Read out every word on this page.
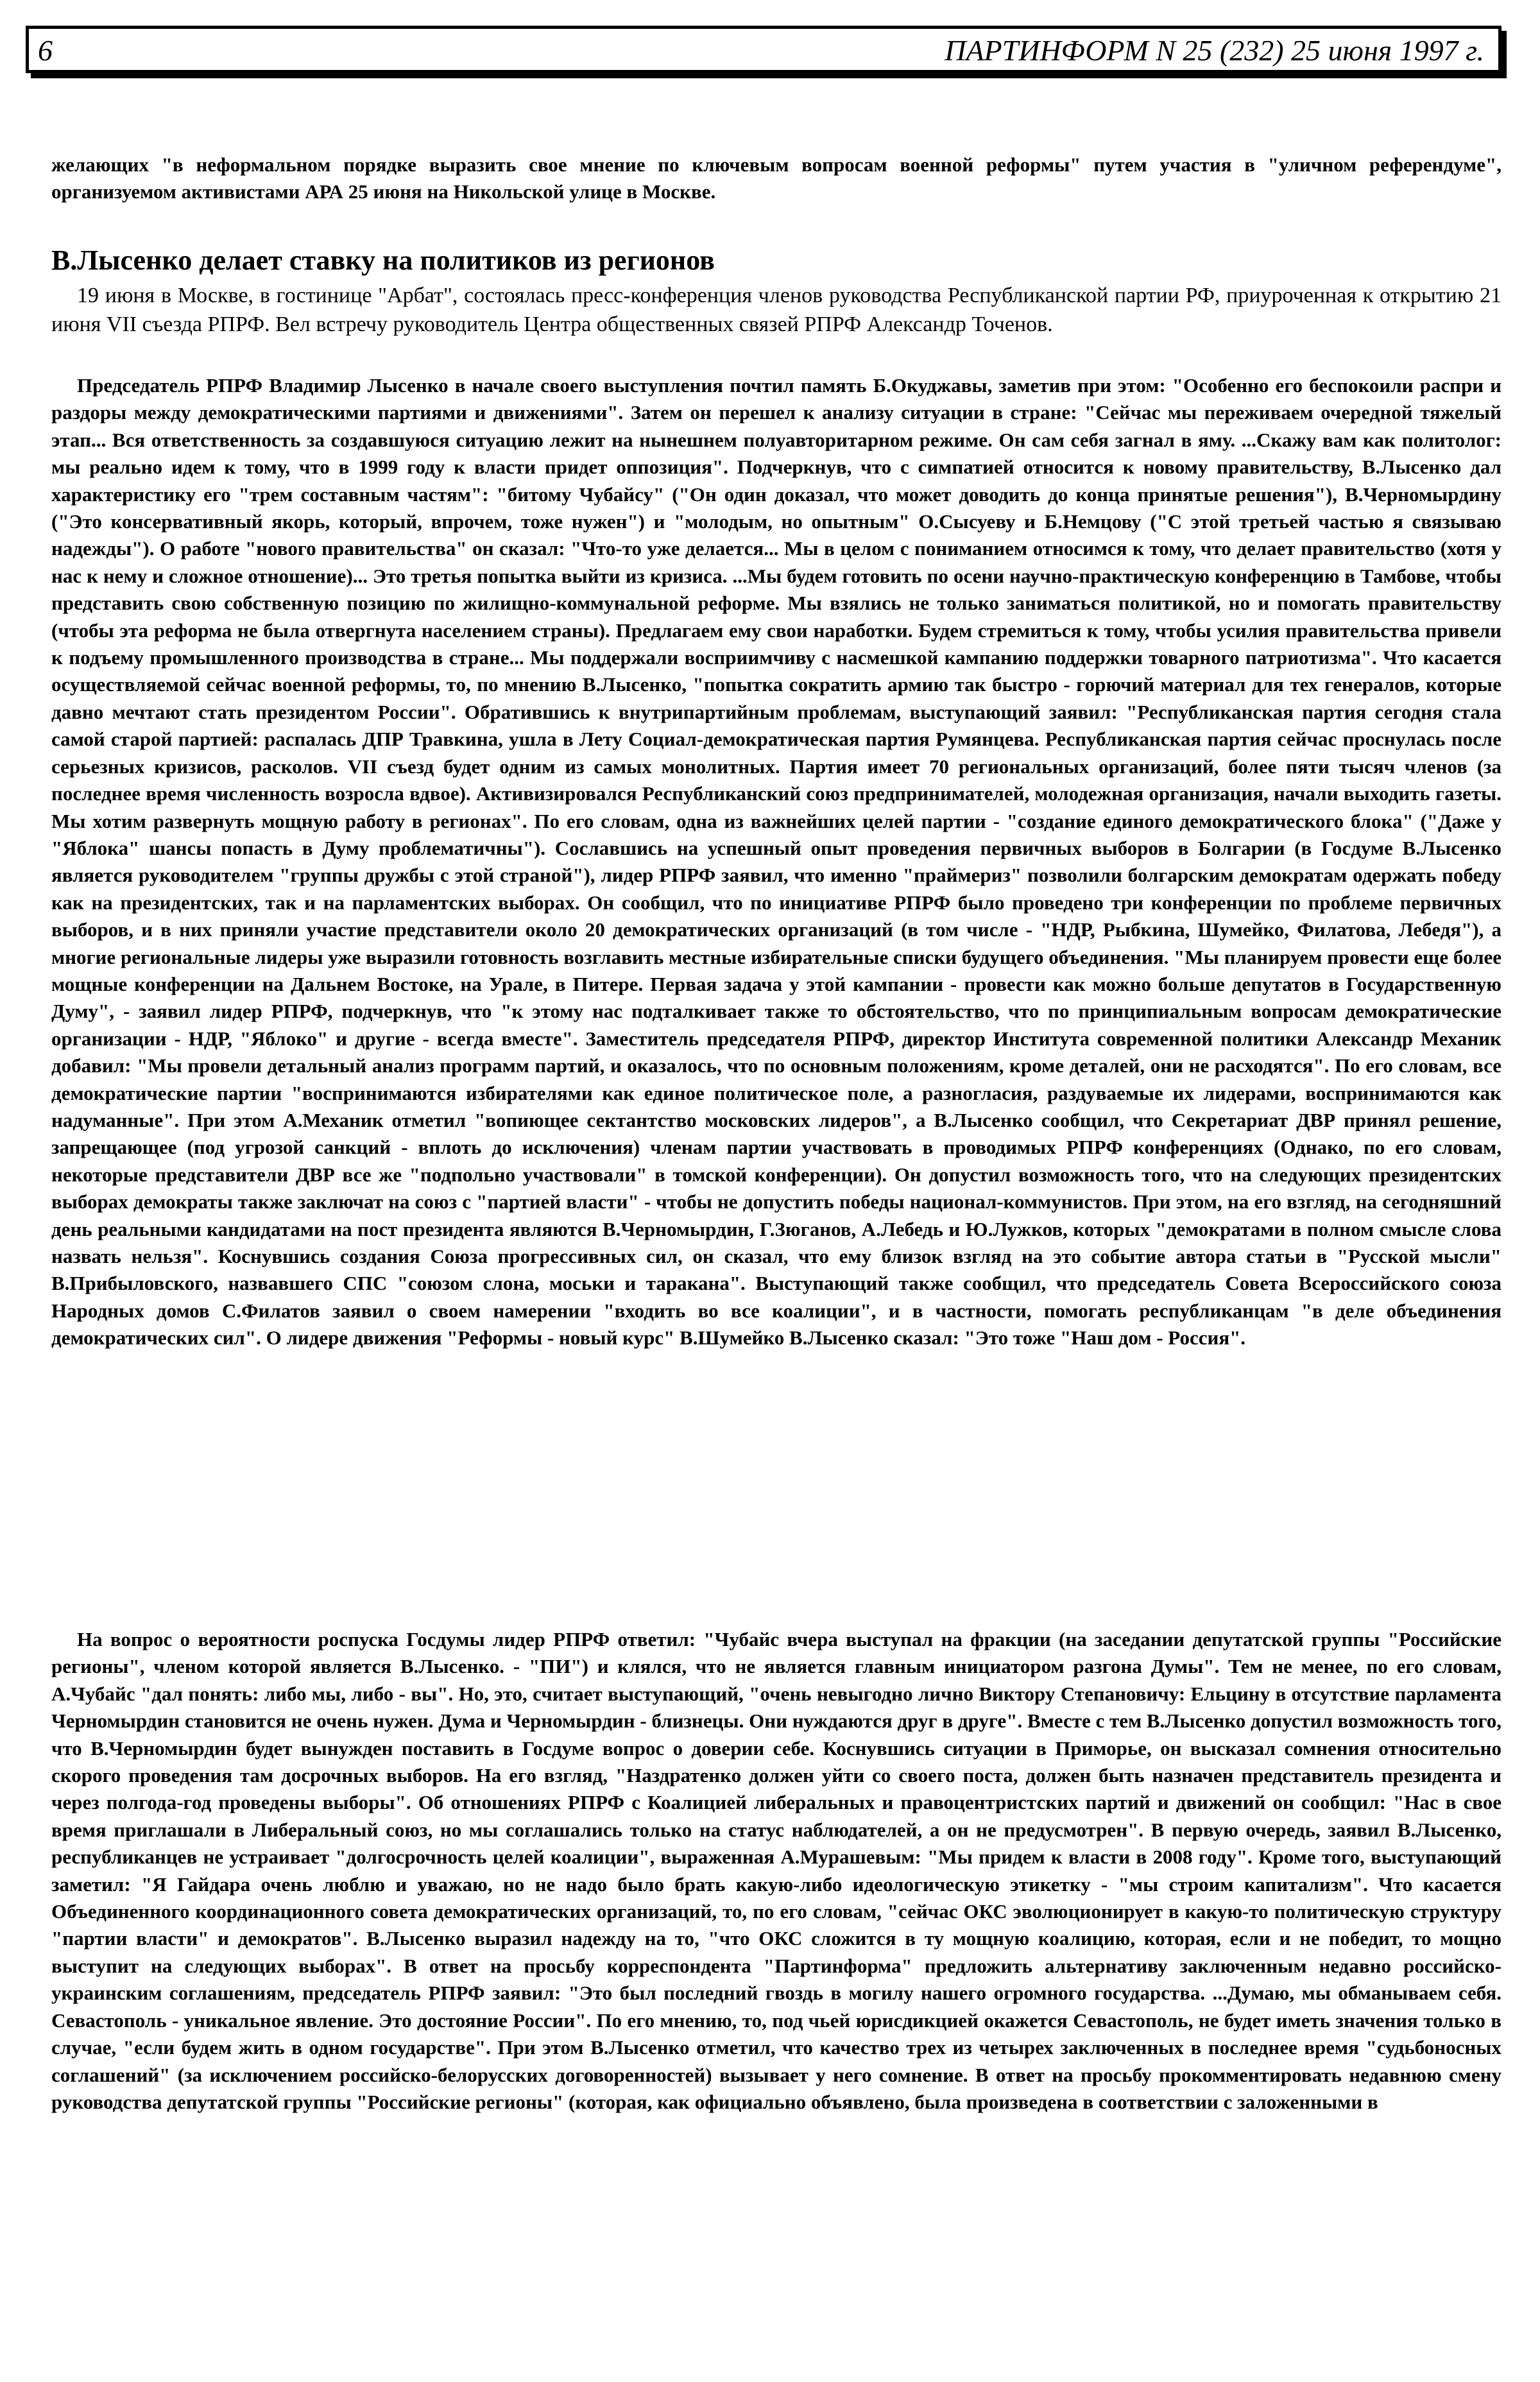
6	ПАРТИНФОРМ N 25 (232) 25 июня 1997 г.

желающих "в неформальном порядке выразить свое мнение по ключевым вопросам военной реформы" путем участия в "уличном референдуме", организуемом активистами АРА 25 июня на Никольской улице в Москве.

В.Лысенко делает ставку на политиков из регионов

19 июня в Москве, в гостинице "Арбат", состоялась пресс-конференция членов руководства Республиканской партии РФ, приуроченная к открытию 21 июня VII съезда РПРФ. Вел встречу руководитель Центра общественных связей РПРФ Александр Точенов.

Председатель РПРФ Владимир Лысенко в начале своего выступления почтил память Б.Окуджавы, заметив при этом: "Особенно его беспокоили распри и раздоры между демократическими партиями и движениями". Затем он перешел к анализу ситуации в стране: "Сейчас мы переживаем очередной тяжелый этап... Вся ответственность за создавшуюся ситуацию лежит на нынешнем полуавторитарном режиме. Он сам себя загнал в яму. ...Скажу вам как политолог: мы реально идем к тому, что в 1999 году к власти придет оппозиция". Подчеркнув, что с симпатией относится к новому правительству, В.Лысенко дал характеристику его "трем составным частям": "битому Чубайсу" ("Он один доказал, что может доводить до конца принятые решения"), В.Черномырдину ("Это консервативный якорь, который, впрочем, тоже нужен") и "молодым, но опытным" О.Сысуеву и Б.Немцову ("С этой третьей частью я связываю надежды"). О работе "нового правительства" он сказал: "Что-то уже делается... Мы в целом с пониманием относимся к тому, что делает правительство (хотя у нас к нему и сложное отношение)... Это третья попытка выйти из кризиса. ...Мы будем готовить по осени научно-практическую конференцию в Тамбове, чтобы представить свою собственную позицию по жилищно-коммунальной реформе. Мы взялись не только заниматься политикой, но и помогать правительству (чтобы эта реформа не была отвергнута населением страны). Предлагаем ему свои наработки. Будем стремиться к тому, чтобы усилия правительства привели к подъему промышленного производства в стране... Мы поддержали восприимчиву с насмешкой кампанию поддержки товарного патриотизма". Что касается осуществляемой сейчас военной реформы, то, по мнению В.Лысенко, "попытка сократить армию так быстро - горючий материал для тех генералов, которые давно мечтают стать президентом России". Обратившись к внутрипартийным проблемам, выступающий заявил: "Республиканская партия сегодня стала самой старой партией: распалась ДПР Травкина, ушла в Лету Социал-демократическая партия Румянцева. Республиканская партия сейчас проснулась после серьезных кризисов, расколов. VII съезд будет одним из самых монолитных. Партия имеет 70 региональных организаций, более пяти тысяч членов (за последнее время численность возросла вдвое). Активизировался Республиканский союз предпринимателей, молодежная организация, начали выходить газеты. Мы хотим развернуть мощную работу в регионах". По его словам, одна из важнейших целей партии - "создание единого демократического блока" ("Даже у "Яблока" шансы попасть в Думу проблематичны"). Сославшись на успешный опыт проведения первичных выборов в Болгарии (в Госдуме В.Лысенко является руководителем "группы дружбы с этой страной"), лидер РПРФ заявил, что именно "праймериз" позволили болгарским демократам одержать победу как на президентских, так и на парламентских выборах. Он сообщил, что по инициативе РПРФ было проведено три конференции по проблеме первичных выборов, и в них приняли участие представители около 20 демократических организаций (в том числе - "НДР, Рыбкина, Шумейко, Филатова, Лебедя"), а многие региональные лидеры уже выразили готовность возглавить местные избирательные списки будущего объединения. "Мы планируем провести еще более мощные конференции на Дальнем Востоке, на Урале, в Питере. Первая задача у этой кампании - провести как можно больше депутатов в Государственную Думу", - заявил лидер РПРФ, подчеркнув, что "к этому нас подталкивает также то обстоятельство, что по принципиальным вопросам демократические организации - НДР, "Яблоко" и другие - всегда вместе". Заместитель председателя РПРФ, директор Института современной политики Александр Механик добавил: "Мы провели детальный анализ программ партий, и оказалось, что по основным положениям, кроме деталей, они не расходятся". По его словам, все демократические партии "воспринимаются избирателями как единое политическое поле, а разногласия, раздуваемые их лидерами, воспринимаются как надуманные". При этом А.Механик отметил "вопиющее сектантство московских лидеров", а В.Лысенко сообщил, что Секретариат ДВР принял решение, запрещающее (под угрозой санкций - вплоть до исключения) членам партии участвовать в проводимых РПРФ конференциях (Однако, по его словам, некоторые представители ДВР все же "подпольно участвовали" в томской конференции). Он допустил возможность того, что на следующих президентских выборах демократы также заключат на союз с "партией власти" - чтобы не допустить победы национал-коммунистов. При этом, на его взгляд, на сегодняшний день реальными кандидатами на пост президента являются В.Черномырдин, Г.Зюганов, А.Лебедь и Ю.Лужков, которых "демократами в полном смысле слова назвать нельзя". Коснувшись создания Союза прогрессивных сил, он сказал, что ему близок взгляд на это событие автора статьи в "Русской мысли" В.Прибыловского, назвавшего СПС "союзом слона, моськи и таракана". Выступающий также сообщил, что председатель Совета Всероссийского союза Народных домов С.Филатов заявил о своем намерении "входить во все коалиции", и в частности, помогать республиканцам "в деле объединения демократических сил". О лидере движения "Реформы - новый курс" В.Шумейко В.Лысенко сказал: "Это тоже "Наш дом - Россия".

На вопрос о вероятности роспуска Госдумы лидер РПРФ ответил: "Чубайс вчера выступал на фракции (на заседании депутатской группы "Российские регионы", членом которой является В.Лысенко. - "ПИ") и клялся, что не является главным инициатором разгона Думы". Тем не менее, по его словам, А.Чубайс "дал понять: либо мы, либо - вы". Но, это, считает выступающий, "очень невыгодно лично Виктору Степановичу: Ельцину в отсутствие парламента Черномырдин становится не очень нужен. Дума и Черномырдин - близнецы. Они нуждаются друг в друге". Вместе с тем В.Лысенко допустил возможность того, что В.Черномырдин будет вынужден поставить в Госдуме вопрос о доверии себе. Коснувшись ситуации в Приморье, он высказал сомнения относительно скорого проведения там досрочных выборов. На его взгляд, "Наздратенко должен уйти со своего поста, должен быть назначен представитель президента и через полгода-год проведены выборы". Об отношениях РПРФ с Коалицией либеральных и правоцентристских партий и движений он сообщил: "Нас в свое время приглашали в Либеральный союз, но мы соглашались только на статус наблюдателей, а он не предусмотрен". В первую очередь, заявил В.Лысенко, республиканцев не устраивает "долгосрочность целей коалиции", выраженная А.Мурашевым: "Мы придем к власти в 2008 году". Кроме того, выступающий заметил: "Я Гайдара очень люблю и уважаю, но не надо было брать какую-либо идеологическую этикетку - "мы строим капитализм". Что касается Объединенного координационного совета демократических организаций, то, по его словам, "сейчас ОКС эволюционирует в какую-то политическую структуру "партии власти" и демократов". В.Лысенко выразил надежду на то, "что ОКС сложится в ту мощную коалицию, которая, если и не победит, то мощно выступит на следующих выборах". В ответ на просьбу корреспондента "Партинформа" предложить альтернативу заключенным недавно российско-украинским соглашениям, председатель РПРФ заявил: "Это был последний гвоздь в могилу нашего огромного государства. ...Думаю, мы обманываем себя. Севастополь - уникальное явление. Это достояние России". По его мнению, то, под чьей юрисдикцией окажется Севастополь, не будет иметь значения только в случае, "если будем жить в одном государстве". При этом В.Лысенко отметил, что качество трех из четырех заключенных в последнее время "судьбоносных соглашений" (за исключением российско-белорусских договоренностей) вызывает у него сомнение. В ответ на просьбу прокомментировать недавнюю смену руководства депутатской группы "Российские регионы" (которая, как официально объявлено, была произведена в соответствии с заложенными в
